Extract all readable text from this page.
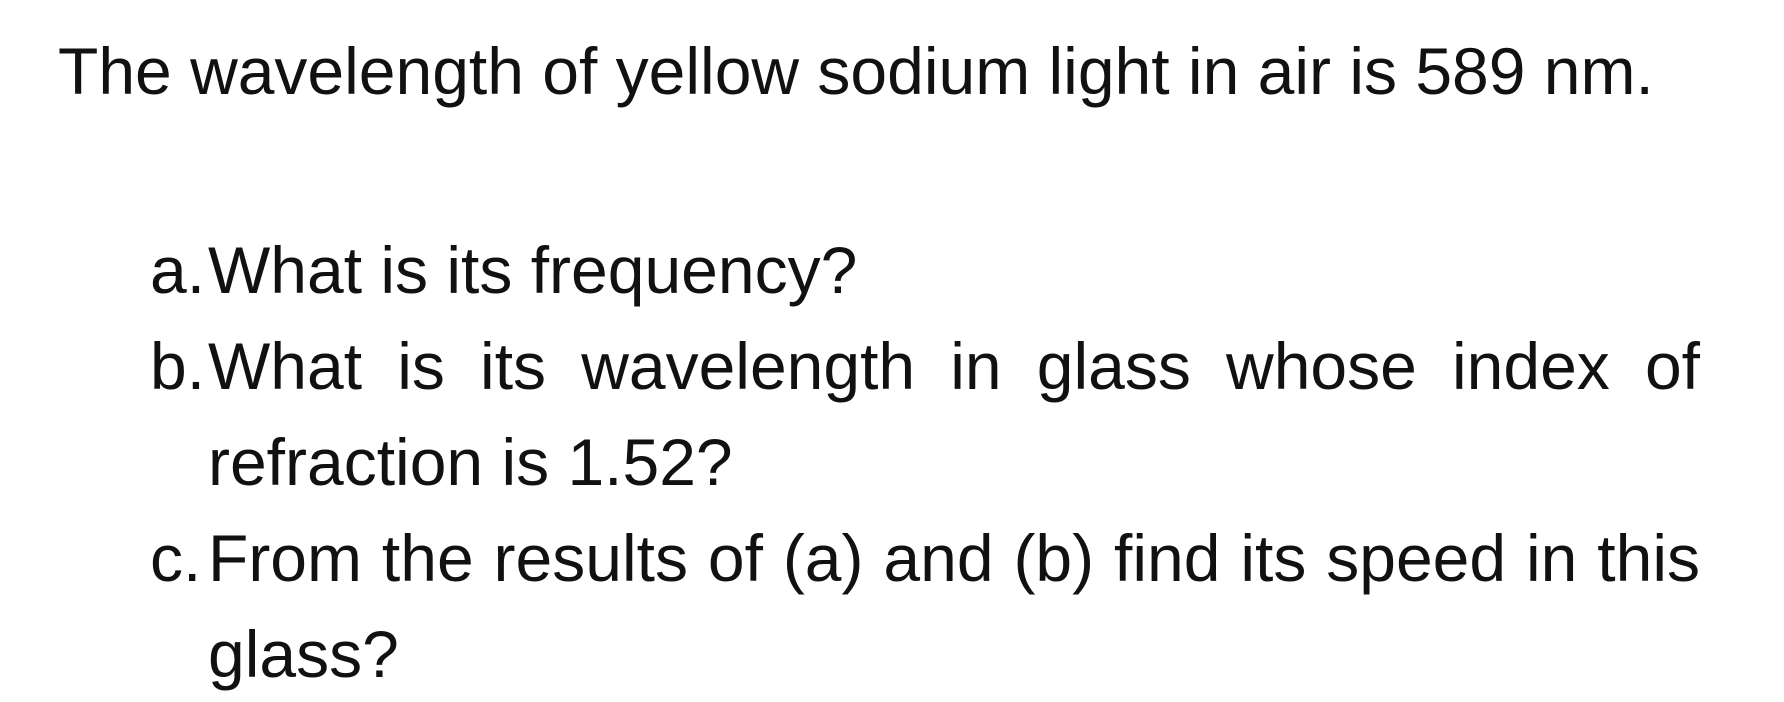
The wavelength of yellow sodium light in air is 589 nm.

a. What is its frequency?
b. What is its wavelength in glass whose index of refraction is 1.52?
c. From the results of (a) and (b) find its speed in this glass?
